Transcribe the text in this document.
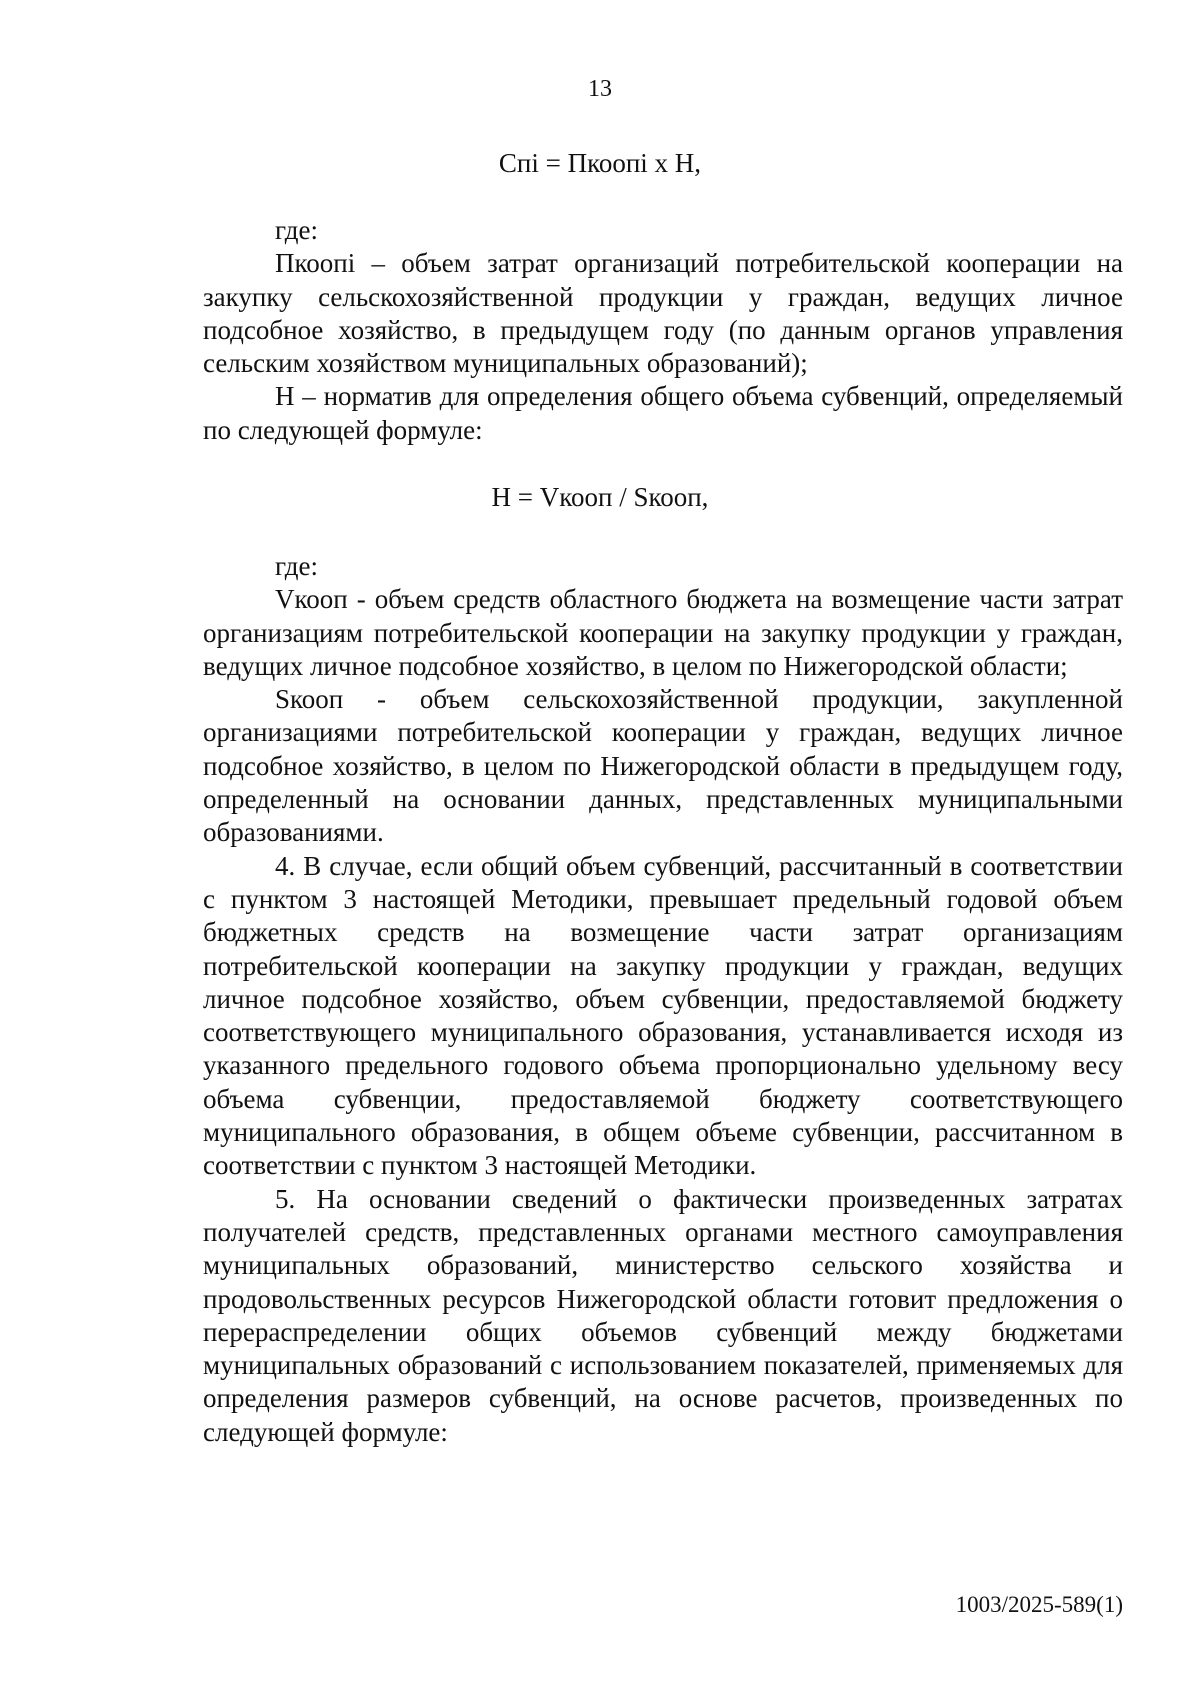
13
Cпi = Пкоопi x Н,

где:

Пкоопi – объем затрат организаций потребительской кооперации на закупку сельскохозяйственной продукции у граждан, ведущих личное подсобное хозяйство, в предыдущем году (по данным органов управления сельским хозяйством муниципальных образований);

Н – норматив для определения общего объема субвенций, определяемый по следующей формуле:

Н = Vкооп / Sкооп,

где:

Vкооп - объем средств областного бюджета на возмещение части затрат организациям потребительской кооперации на закупку продукции у граждан, ведущих личное подсобное хозяйство, в целом по Нижегородской области;

Sкооп - объем сельскохозяйственной продукции, закупленной организациями потребительской кооперации у граждан, ведущих личное подсобное хозяйство, в целом по Нижегородской области в предыдущем году, определенный на основании данных, представленных муниципальными образованиями.

4. В случае, если общий объем субвенций, рассчитанный в соответствии с пунктом 3 настоящей Методики, превышает предельный годовой объем бюджетных средств на возмещение части затрат организациям потребительской кооперации на закупку продукции у граждан, ведущих личное подсобное хозяйство, объем субвенции, предоставляемой бюджету соответствующего муниципального образования, устанавливается исходя из указанного предельного годового объема пропорционально удельному весу объема субвенции, предоставляемой бюджету соответствующего муниципального образования, в общем объеме субвенции, рассчитанном в соответствии с пунктом 3 настоящей Методики.

5. На основании сведений о фактически произведенных затратах получателей средств, представленных органами местного самоуправления муниципальных образований, министерство сельского хозяйства и продовольственных ресурсов Нижегородской области готовит предложения о перераспределении общих объемов субвенций между бюджетами муниципальных образований с использованием показателей, применяемых для определения размеров субвенций, на основе расчетов, произведенных по следующей формуле:

1003/2025-589(1)
